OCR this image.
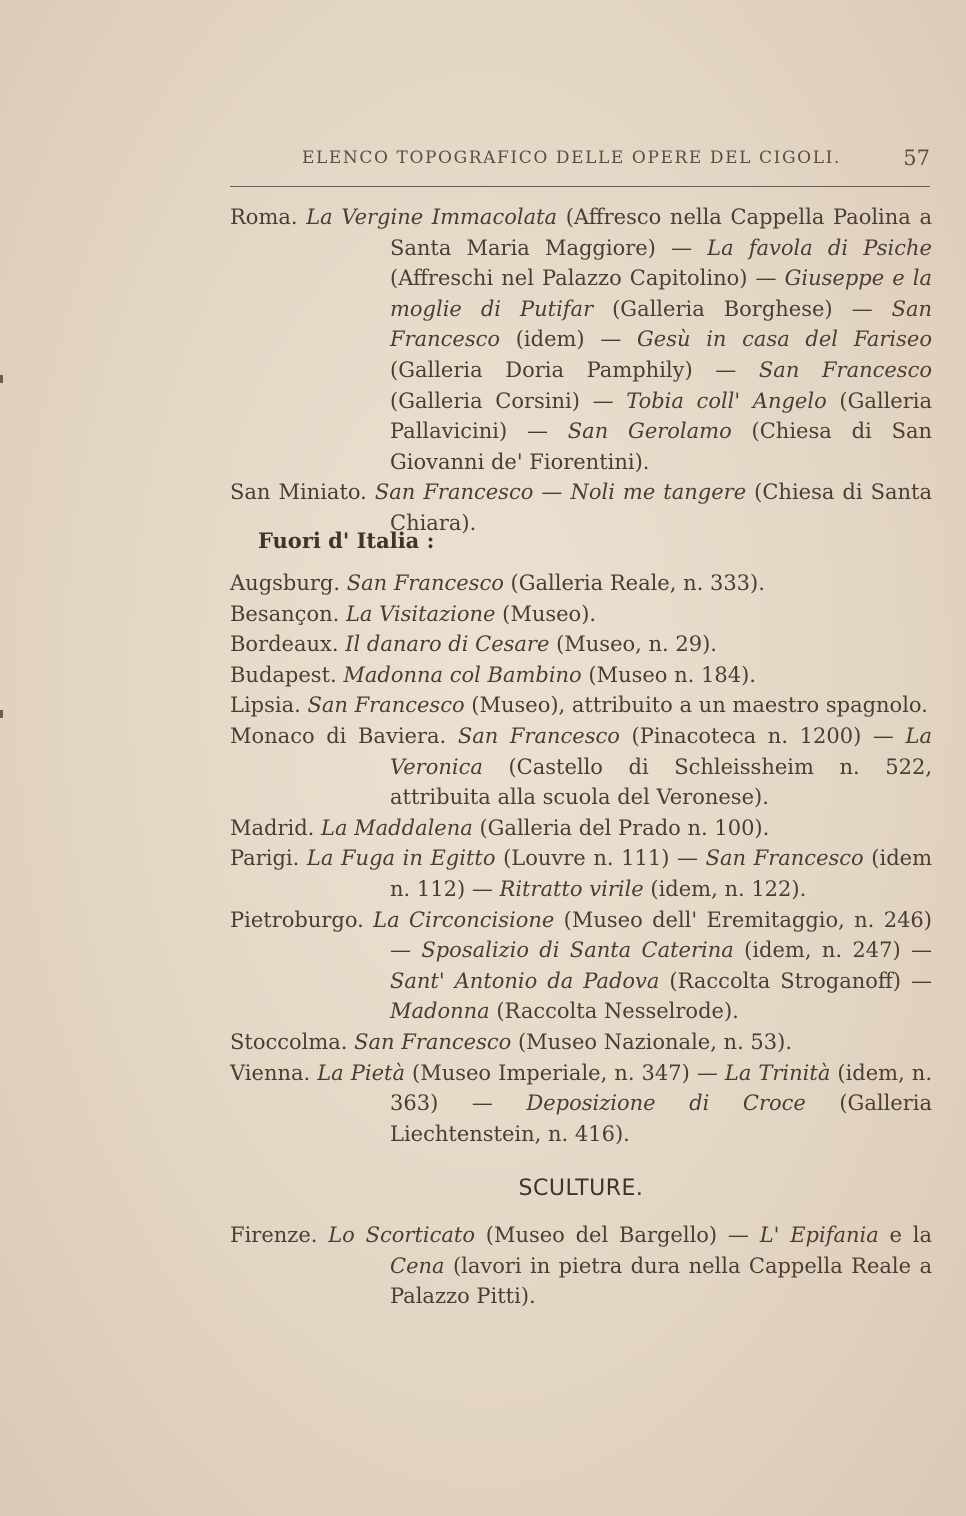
ELENCO TOPOGRAFICO DELLE OPERE DEL CIGOLI.	57

Roma. La Vergine Immacolata (Affresco nella Cappella Paolina a Santa Maria Maggiore) — La favola di Psiche (Affreschi nel Palazzo Capitolino) — Giuseppe e la moglie di Putifar (Galleria Borghese) — San Francesco (idem) — Gesù in casa del Fariseo (Galleria Doria Pamphily) — San Francesco (Galleria Corsini) — Tobia coll' Angelo (Galleria Pallavicini) — San Gerolamo (Chiesa di San Giovanni de' Fiorentini).

San Miniato. San Francesco — Noli me tangere (Chiesa di Santa Chiara).

Fuori d' Italia :

Augsburg. San Francesco (Galleria Reale, n. 333).

Besançon. La Visitazione (Museo).

Bordeaux. Il danaro di Cesare (Museo, n. 29).

Budapest. Madonna col Bambino (Museo n. 184).

Lipsia. San Francesco (Museo), attribuito a un maestro spagnolo.

Monaco di Baviera. San Francesco (Pinacoteca n. 1200) — La Veronica (Castello di Schleissheim n. 522, attribuita alla scuola del Veronese).

Madrid. La Maddalena (Galleria del Prado n. 100).

Parigi. La Fuga in Egitto (Louvre n. 111) — San Francesco (idem n. 112) — Ritratto virile (idem, n. 122).

Pietroburgo. La Circoncisione (Museo dell' Eremitaggio, n. 246) — Sposalizio di Santa Caterina (idem, n. 247) — Sant' Antonio da Padova (Raccolta Stroganoff) — Madonna (Raccolta Nesselrode).

Stoccolma. San Francesco (Museo Nazionale, n. 53).

Vienna. La Pietà (Museo Imperiale, n. 347) — La Trinità (idem, n. 363) — Deposizione di Croce (Galleria Liechtenstein, n. 416).

SCULTURE.

Firenze. Lo Scorticato (Museo del Bargello) — L' Epifania e la Cena (lavori in pietra dura nella Cappella Reale a Palazzo Pitti).
